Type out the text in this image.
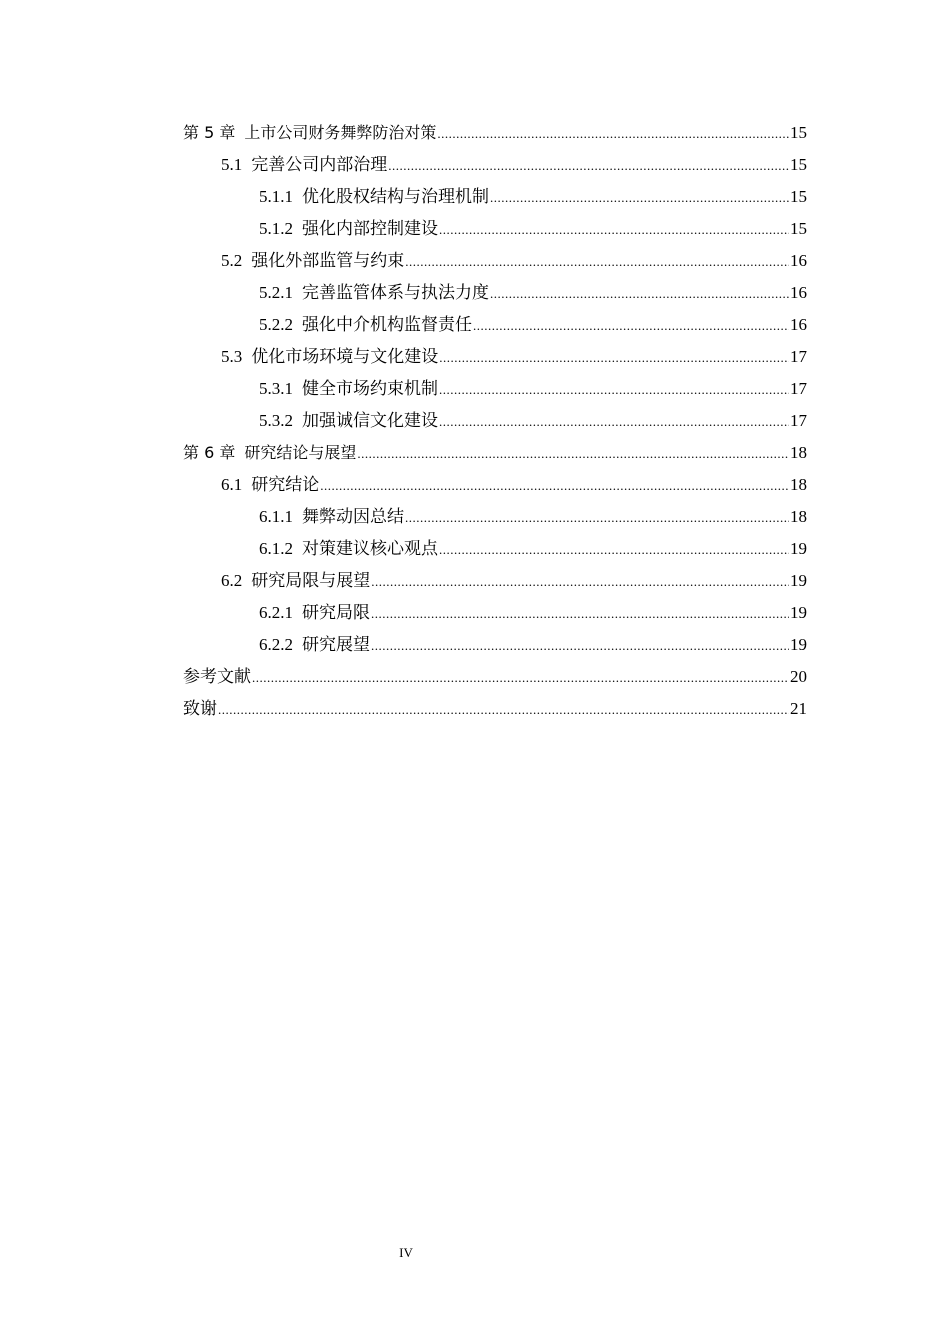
第 5 章 上市公司财务舞弊防治对策 .....	15
5.1 完善公司内部治理 .....	15
5.1.1 优化股权结构与治理机制 .....	15
5.1.2 强化内部控制建设 .....	15
5.2 强化外部监管与约束 .....	16
5.2.1 完善监管体系与执法力度 .....	16
5.2.2 强化中介机构监督责任 .....	16
5.3 优化市场环境与文化建设 .....	17
5.3.1 健全市场约束机制 .....	17
5.3.2 加强诚信文化建设 .....	17
第 6 章 研究结论与展望 .....	18
6.1 研究结论 .....	18
6.1.1 舞弊动因总结 .....	18
6.1.2 对策建议核心观点 .....	19
6.2 研究局限与展望 .....	19
6.2.1 研究局限 .....	19
6.2.2 研究展望 .....	19
参考文献 .....	20
致谢 .....	21
IV
